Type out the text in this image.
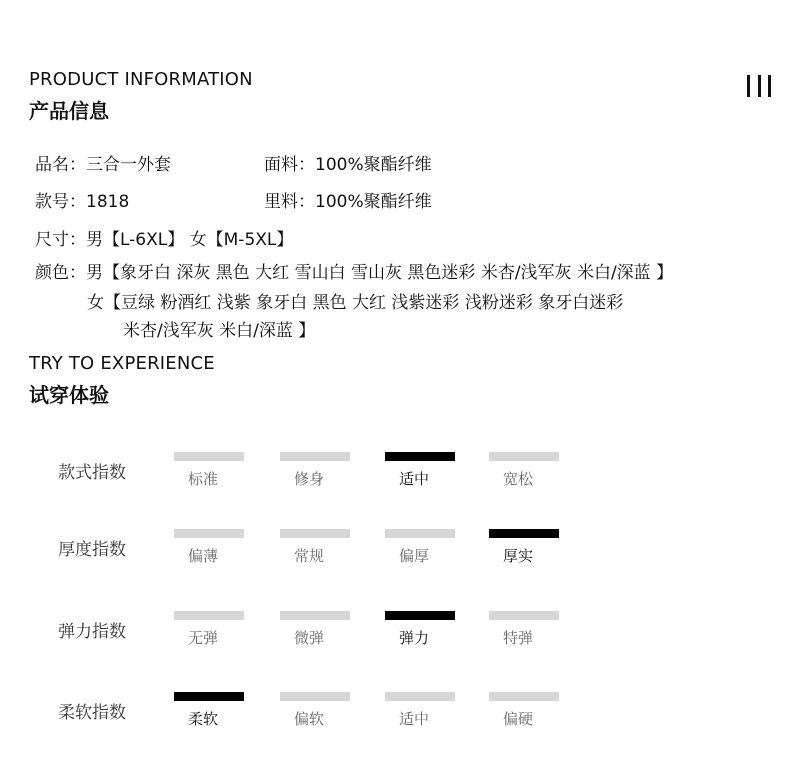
PRODUCT INFORMATION
产品信息
品名：三合一外套	面料：100%聚酯纤维
款号：1818	里料：100%聚酯纤维
尺寸：男【L-6XL】 女【M-5XL】
颜色：男【象牙白 深灰 黑色 大红 雪山白 雪山灰 黑色迷彩 米杏/浅军灰 米白/深蓝 】
女【豆绿 粉酒红 浅紫 象牙白 黑色 大红 浅紫迷彩 浅粉迷彩 象牙白迷彩
米杏/浅军灰 米白/深蓝 】
TRY TO EXPERIENCE
试穿体验
款式指数	标准	修身	适中	宽松
厚度指数	偏薄	常规	偏厚	厚实
弹力指数	无弹	微弹	弹力	特弹
柔软指数	柔软	偏软	适中	偏硬
